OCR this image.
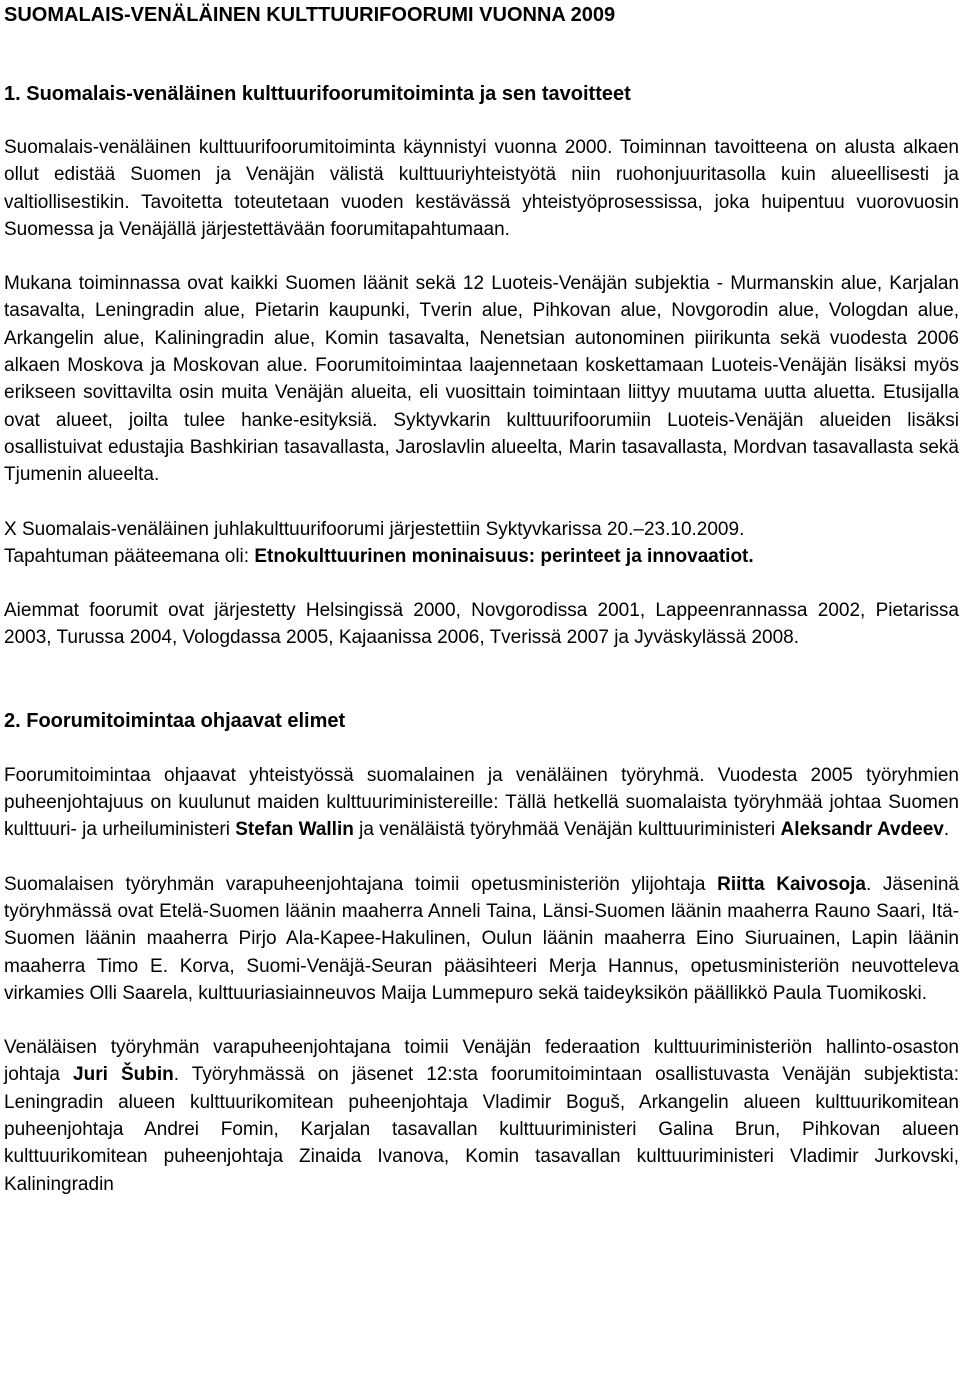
SUOMALAIS-VENÄLÄINEN KULTTUURIFOORUMI VUONNA 2009
1. Suomalais-venäläinen kulttuurifoorumitoiminta ja sen tavoitteet

Suomalais-venäläinen kulttuurifoorumitoiminta käynnistyi vuonna 2000. Toiminnan tavoitteena on alusta alkaen ollut edistää Suomen ja Venäjän välistä kulttuuriyhteistyötä niin ruohonjuuritasolla kuin alueellisesti ja valtiollisestikin. Tavoitetta toteutetaan vuoden kestävässä yhteistyöprosessissa, joka huipentuu vuorovuosin Suomessa ja Venäjällä järjestettävään foorumitapahtumaan.

Mukana toiminnassa ovat kaikki Suomen läänit sekä 12 Luoteis-Venäjän subjektia - Murmanskin alue, Karjalan tasavalta, Leningradin alue, Pietarin kaupunki, Tverin alue, Pihkovan alue, Novgorodin alue, Vologdan alue, Arkangelin alue, Kaliningradin alue, Komin tasavalta, Nenetsian autonominen piirikunta sekä vuodesta 2006 alkaen Moskova ja Moskovan alue. Foorumitoimintaa laajennetaan koskettamaan Luoteis-Venäjän lisäksi myös erikseen sovittavilta osin muita Venäjän alueita, eli vuosittain toimintaan liittyy muutama uutta aluetta. Etusijalla ovat alueet, joilta tulee hanke-esityksiä. Syktyvkarin kulttuurifoorumiin Luoteis-Venäjän alueiden lisäksi osallistuivat edustajia Bashkirian tasavallasta, Jaroslavlin alueelta, Marin tasavallasta, Mordvan tasavallasta sekä Tjumenin alueelta.

X Suomalais-venäläinen juhlakulttuurifoorumi järjestettiin Syktyvkarissa 20.–23.10.2009.

Tapahtuman pääteemana oli: Etnokulttuurinen moninaisuus: perinteet ja innovaatiot.

Aiemmat foorumit ovat järjestetty Helsingissä 2000, Novgorodissa 2001, Lappeenrannassa 2002, Pietarissa 2003, Turussa 2004, Vologdassa 2005, Kajaanissa 2006, Tverissä 2007 ja Jyväskylässä 2008.

2. Foorumitoimintaa ohjaavat elimet

Foorumitoimintaa ohjaavat yhteistyössä suomalainen ja venäläinen työryhmä. Vuodesta 2005 työryhmien puheenjohtajuus on kuulunut maiden kulttuuriministereille: Tällä hetkellä suomalaista työryhmää johtaa Suomen kulttuuri- ja urheiluministeri Stefan Wallin ja venäläistä työryhmää Venäjän kulttuuriministeri Aleksandr Avdeev.

Suomalaisen työryhmän varapuheenjohtajana toimii opetusministeriön ylijohtaja Riitta Kaivosoja. Jäseninä työryhmässä ovat Etelä-Suomen läänin maaherra Anneli Taina, Länsi-Suomen läänin maaherra Rauno Saari, Itä-Suomen läänin maaherra Pirjo Ala-Kapee-Hakulinen, Oulun läänin maaherra Eino Siuruainen, Lapin läänin maaherra Timo E. Korva, Suomi-Venäjä-Seuran pääsihteeri Merja Hannus, opetusministeriön neuvotteleva virkamies Olli Saarela, kulttuuriasiainneuvos Maija Lummepuro sekä taideyksikön päällikkö Paula Tuomikoski.

Venäläisen työryhmän varapuheenjohtajana toimii Venäjän federaation kulttuuriministeriön hallinto-osaston johtaja Juri Šubin. Työryhmässä on jäsenet 12:sta foorumitoimintaan osallistuvasta Venäjän subjektista: Leningradin alueen kulttuurikomitean puheenjohtaja Vladimir Boguš, Arkangelin alueen kulttuurikomitean puheenjohtaja Andrei Fomin, Karjalan tasavallan kulttuuriministeri Galina Brun, Pihkovan alueen kulttuurikomitean puheenjohtaja Zinaida Ivanova, Komin tasavallan kulttuuriministeri Vladimir Jurkovski, Kaliningradin
